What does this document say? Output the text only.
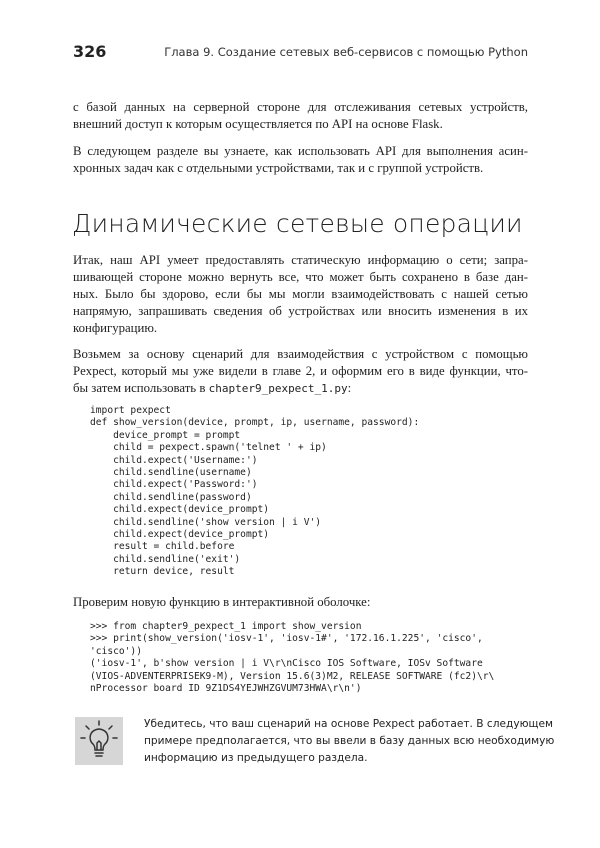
326	Глава 9. Создание сетевых веб-сервисов с помощью Python

с базой данных на серверной стороне для отслеживания сетевых устройств,
внешний доступ к которым осуществляется по API на основе Flask.

В следующем разделе вы узнаете, как использовать API для выполнения асин-
хронных задач как с отдельными устройствами, так и с группой устройств.

Динамические сетевые операции

Итак, наш API умеет предоставлять статическую информацию о сети; запра-
шивающей стороне можно вернуть все, что может быть сохранено в базе дан-
ных. Было бы здорово, если бы мы могли взаимодействовать с нашей сетью
напрямую, запрашивать сведения об устройствах или вносить изменения в их
конфигурацию.

Возьмем за основу сценарий для взаимодействия с устройством с помощью
Pexpect, который мы уже видели в главе 2, и оформим его в виде функции, что-
бы затем использовать в chapter9_pexpect_1.py:

import pexpect
def show_version(device, prompt, ip, username, password):
device_prompt = prompt
child = pexpect.spawn('telnet ' + ip)
child.expect('Username:')
child.sendline(username)
child.expect('Password:')
child.sendline(password)
child.expect(device_prompt)
child.sendline('show version | i V')
child.expect(device_prompt)
result = child.before
child.sendline('exit')
return device, result

Проверим новую функцию в интерактивной оболочке:

>>> from chapter9_pexpect_1 import show_version
>>> print(show_version('iosv-1', 'iosv-1#', '172.16.1.225', 'cisco',
'cisco'))
('iosv-1', b'show version | i V\r\nCisco IOS Software, IOSv Software
(VIOS-ADVENTERPRISEK9-M), Version 15.6(3)M2, RELEASE SOFTWARE (fc2)\r\
nProcessor board ID 9Z1DS4YEJWHZGVUM73HWA\r\n')

Убедитесь, что ваш сценарий на основе Pexpect работает. В следующем
примере предполагается, что вы ввели в базу данных всю необходимую
информацию из предыдущего раздела.
